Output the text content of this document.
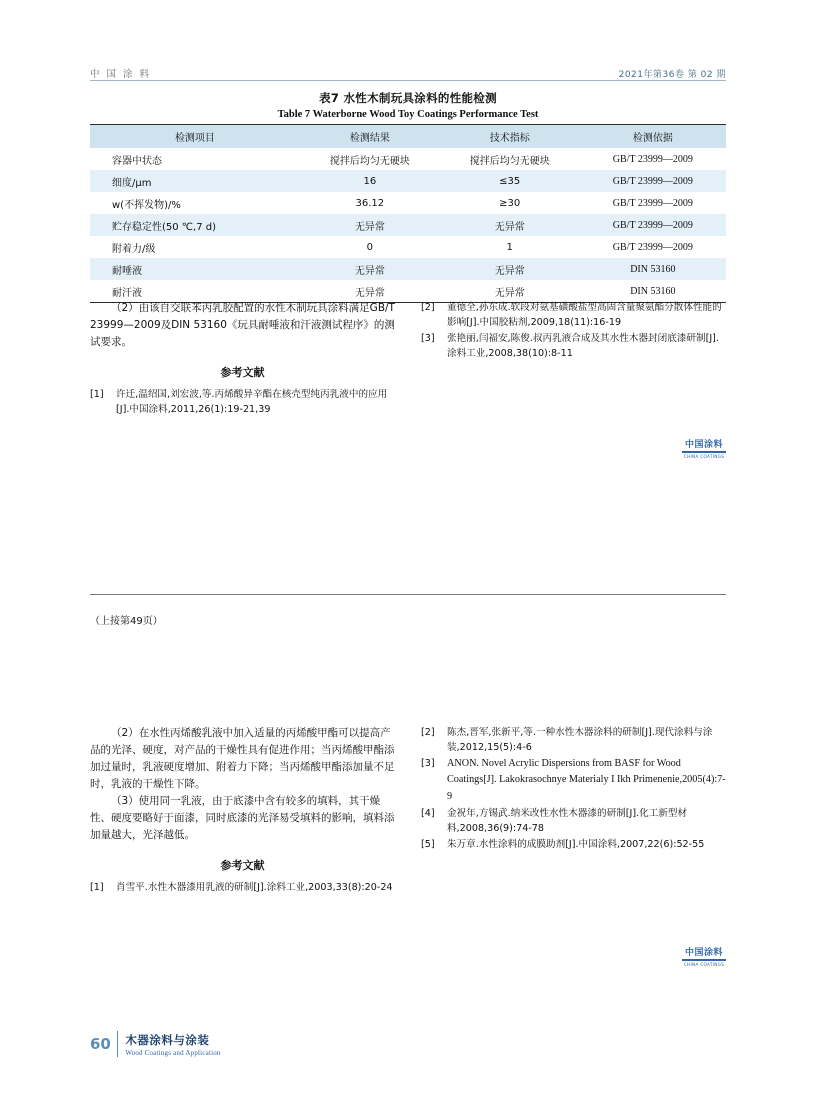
中 国 涂 料	2021年第36卷 第 02 期
表7 水性木制玩具涂料的性能检测
Table 7 Waterborne Wood Toy Coatings Performance Test
检测项目	检测结果	技术指标	检测依据
容器中状态	搅拌后均匀无硬块	搅拌后均匀无硬块	GB/T 23999—2009
细度/μm	16	≤35	GB/T 23999—2009
w(不挥发物)/%	36.12	≥30	GB/T 23999—2009
贮存稳定性(50 ℃,7 d)	无异常	无异常	GB/T 23999—2009
附着力/级	0	1	GB/T 23999—2009
耐唾液	无异常	无异常	DIN 53160
耐汗液	无异常	无异常	DIN 53160

（2）由该自交联苯丙乳胶配置的水性木制玩具涂料满足GB/T 23999—2009及DIN 53160《玩具耐唾液和汗液测试程序》的测试要求。

参考文献
[1]	许迁,温绍国,刘宏波,等.丙烯酸异辛酯在核壳型纯丙乳液中的应用[J].中国涂料,2011,26(1):19-21,39
[2]	董德全,孙东成.软段对氨基磺酸盐型高固含量聚氨酯分散体性能的影响[J].中国胶粘剂,2009,18(11):16-19
[3]	张艳丽,闫福安,陈俊.叔丙乳液合成及其水性木器封闭底漆研制[J].涂料工业,2008,38(10):8-11
中国涂料
CHINA COATINGS
（上接第49页）

（2）在水性丙烯酸乳液中加入适量的丙烯酸甲酯可以提高产品的光泽、硬度，对产品的干燥性具有促进作用；当丙烯酸甲酯添加过量时，乳液硬度增加、附着力下降；当丙烯酸甲酯添加量不足时，乳液的干燥性下降。

（3）使用同一乳液，由于底漆中含有较多的填料，其干燥性、硬度要略好于面漆，同时底漆的光泽易受填料的影响，填料添加量越大，光泽越低。

参考文献
[1]	肖雪平.水性木器漆用乳液的研制[J].涂料工业,2003,33(8):20-24
[2]	陈杰,晋军,张新平,等.一种水性木器涂料的研制[J].现代涂料与涂装,2012,15(5):4-6
[3]	ANON. Novel Acrylic Dispersions from BASF for Wood Coatings[J]. Lakokrasochnye Materialy I Ikh Primenenie,2005(4):7-9
[4]	金祝年,方锡武.纳米改性水性木器漆的研制[J].化工新型材料,2008,36(9):74-78
[5]	朱万章.水性涂料的成膜助剂[J].中国涂料,2007,22(6):52-55
中国涂料
CHINA COATINGS
60 木器涂料与涂装
Wood Coatings and Application
